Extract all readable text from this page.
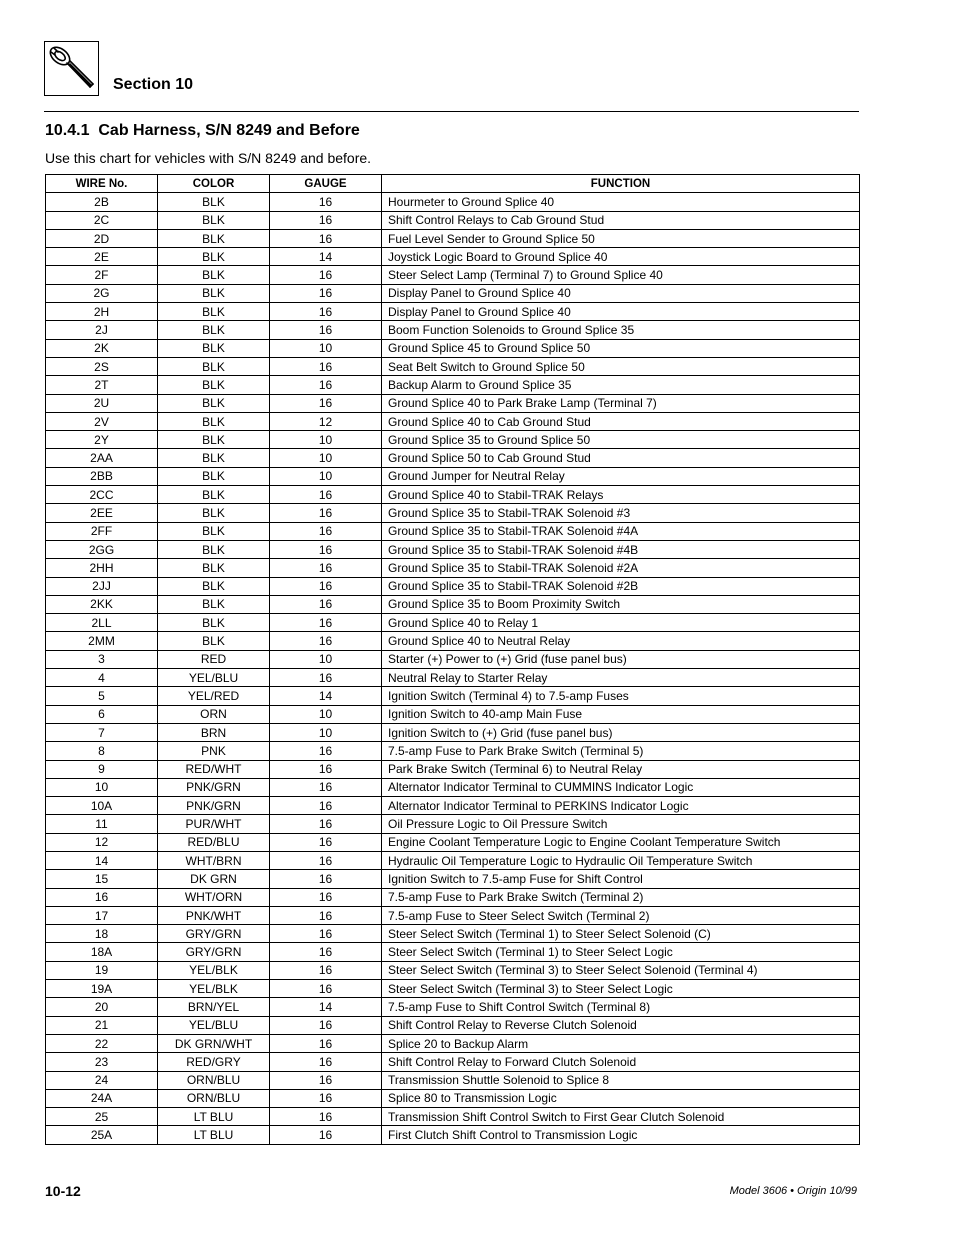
Section 10
10.4.1  Cab Harness, S/N 8249 and Before
Use this chart for vehicles with S/N 8249 and before.
WIRE No.	COLOR	GAUGE	FUNCTION
2B	BLK	16	Hourmeter to Ground Splice 40
2C	BLK	16	Shift Control Relays to Cab Ground Stud
2D	BLK	16	Fuel Level Sender to Ground Splice 50
2E	BLK	14	Joystick Logic Board to Ground Splice 40
2F	BLK	16	Steer Select Lamp (Terminal 7) to Ground Splice 40
2G	BLK	16	Display Panel to Ground Splice 40
2H	BLK	16	Display Panel to Ground Splice 40
2J	BLK	16	Boom Function Solenoids to Ground Splice 35
2K	BLK	10	Ground Splice 45 to Ground Splice 50
2S	BLK	16	Seat Belt Switch to Ground Splice 50
2T	BLK	16	Backup Alarm to Ground Splice 35
2U	BLK	16	Ground Splice 40 to Park Brake Lamp (Terminal 7)
2V	BLK	12	Ground Splice 40 to Cab Ground Stud
2Y	BLK	10	Ground Splice 35 to Ground Splice 50
2AA	BLK	10	Ground Splice 50 to Cab Ground Stud
2BB	BLK	10	Ground Jumper for Neutral Relay
2CC	BLK	16	Ground Splice 40 to Stabil-TRAK Relays
2EE	BLK	16	Ground Splice 35 to Stabil-TRAK Solenoid #3
2FF	BLK	16	Ground Splice 35 to Stabil-TRAK Solenoid #4A
2GG	BLK	16	Ground Splice 35 to Stabil-TRAK Solenoid #4B
2HH	BLK	16	Ground Splice 35 to Stabil-TRAK Solenoid #2A
2JJ	BLK	16	Ground Splice 35 to Stabil-TRAK Solenoid #2B
2KK	BLK	16	Ground Splice 35 to Boom Proximity Switch
2LL	BLK	16	Ground Splice 40 to Relay 1
2MM	BLK	16	Ground Splice 40 to Neutral Relay
3	RED	10	Starter (+) Power to (+) Grid (fuse panel bus)
4	YEL/BLU	16	Neutral Relay to Starter Relay
5	YEL/RED	14	Ignition Switch (Terminal 4) to 7.5-amp Fuses
6	ORN	10	Ignition Switch to 40-amp Main Fuse
7	BRN	10	Ignition Switch to (+) Grid (fuse panel bus)
8	PNK	16	7.5-amp Fuse to Park Brake Switch (Terminal 5)
9	RED/WHT	16	Park Brake Switch (Terminal 6) to Neutral Relay
10	PNK/GRN	16	Alternator Indicator Terminal to CUMMINS Indicator Logic
10A	PNK/GRN	16	Alternator Indicator Terminal to PERKINS Indicator Logic
11	PUR/WHT	16	Oil Pressure Logic to Oil Pressure Switch
12	RED/BLU	16	Engine Coolant Temperature Logic to Engine Coolant Temperature Switch
14	WHT/BRN	16	Hydraulic Oil Temperature Logic to Hydraulic Oil Temperature Switch
15	DK GRN	16	Ignition Switch to 7.5-amp Fuse for Shift Control
16	WHT/ORN	16	7.5-amp Fuse to Park Brake Switch (Terminal 2)
17	PNK/WHT	16	7.5-amp Fuse to Steer Select Switch (Terminal 2)
18	GRY/GRN	16	Steer Select Switch (Terminal 1) to Steer Select Solenoid (C)
18A	GRY/GRN	16	Steer Select Switch (Terminal 1) to Steer Select Logic
19	YEL/BLK	16	Steer Select Switch (Terminal 3) to Steer Select Solenoid (Terminal 4)
19A	YEL/BLK	16	Steer Select Switch (Terminal 3) to Steer Select Logic
20	BRN/YEL	14	7.5-amp Fuse to Shift Control Switch (Terminal 8)
21	YEL/BLU	16	Shift Control Relay to Reverse Clutch Solenoid
22	DK GRN/WHT	16	Splice 20 to Backup Alarm
23	RED/GRY	16	Shift Control Relay to Forward Clutch Solenoid
24	ORN/BLU	16	Transmission Shuttle Solenoid to Splice 8
24A	ORN/BLU	16	Splice 80 to Transmission Logic
25	LT BLU	16	Transmission Shift Control Switch to First Gear Clutch Solenoid
25A	LT BLU	16	First Clutch Shift Control to Transmission Logic
10-12	Model 3606 • Origin 10/99
